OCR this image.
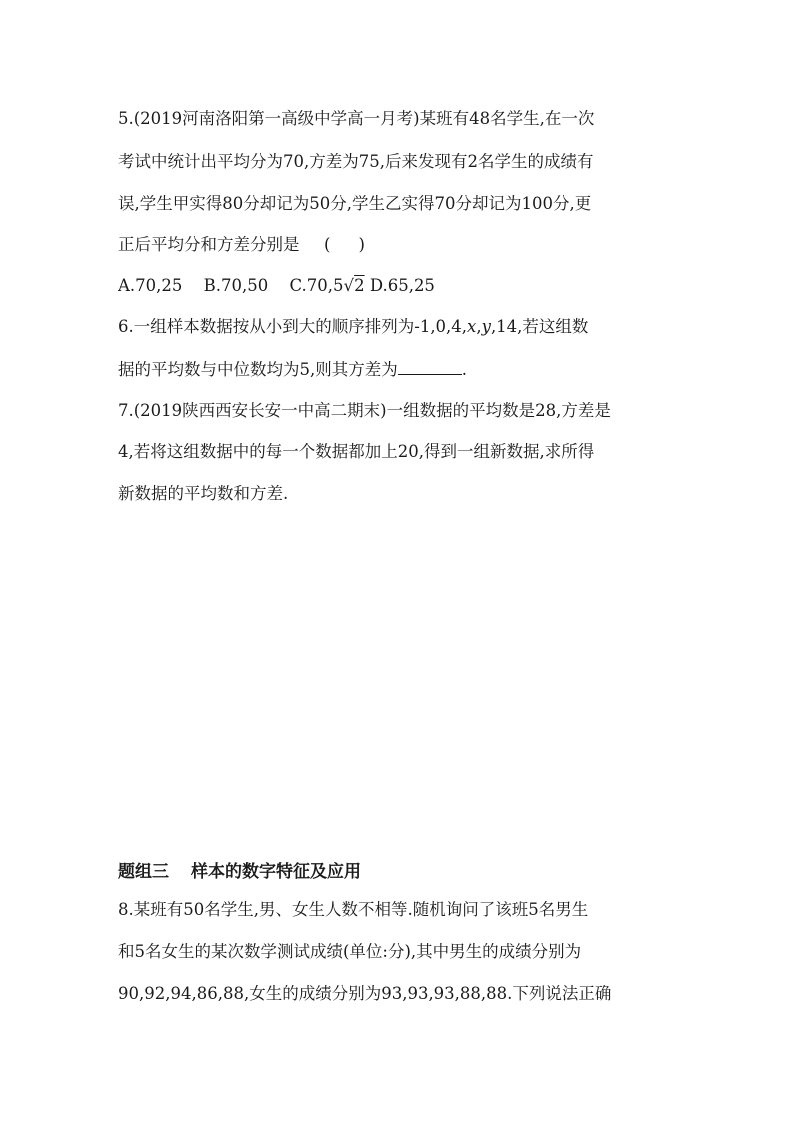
5.(2019河南洛阳第一高级中学高一月考)某班有48名学生,在一次
考试中统计出平均分为70,方差为75,后来发现有2名学生的成绩有
误,学生甲实得80分却记为50分,学生乙实得70分却记为100分,更
正后平均分和方差分别是 ( )
A.70,25 B.70,50 C.70,5√2 D.65,25
6.一组样本数据按从小到大的顺序排列为-1,0,4,x,y,14,若这组数
据的平均数与中位数均为5,则其方差为	.
7.(2019陕西西安长安一中高二期末)一组数据的平均数是28,方差是
4,若将这组数据中的每一个数据都加上20,得到一组新数据,求所得
新数据的平均数和方差.
题组三 样本的数字特征及应用
8.某班有50名学生,男、女生人数不相等.随机询问了该班5名男生
和5名女生的某次数学测试成绩(单位:分),其中男生的成绩分别为
90,92,94,86,88,女生的成绩分别为93,93,93,88,88.下列说法正确
